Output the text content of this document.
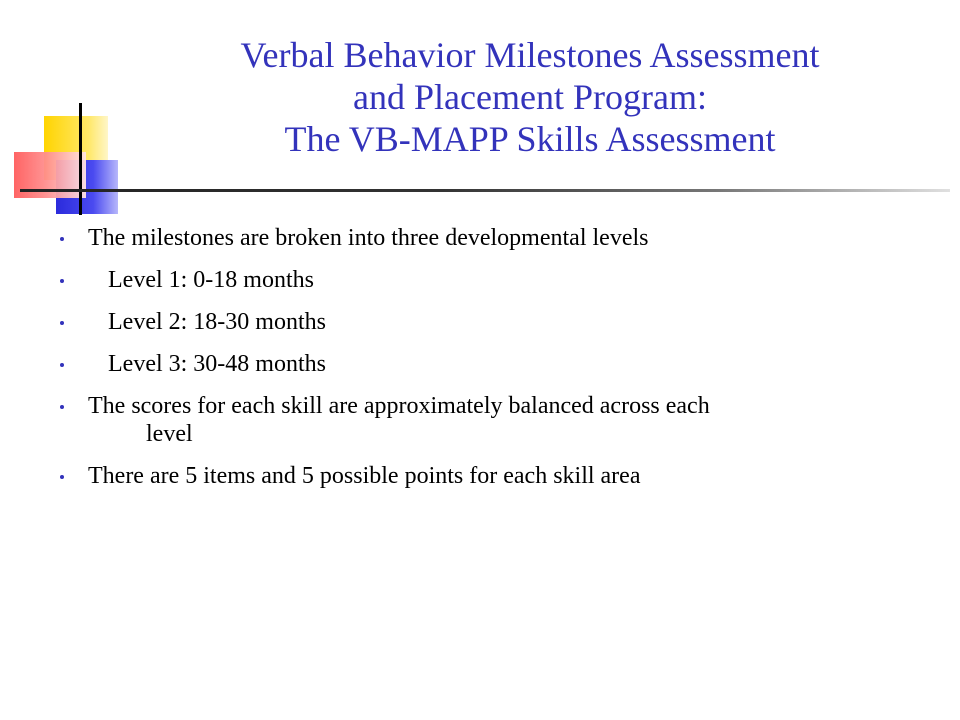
Verbal Behavior Milestones Assessment
and Placement Program:
The VB-MAPP Skills Assessment
The milestones are broken into three developmental levels
Level 1: 0-18 months
Level 2: 18-30 months
Level 3: 30-48 months
The scores for each skill are approximately balanced across each
level
There are 5 items and 5 possible points for each skill area
